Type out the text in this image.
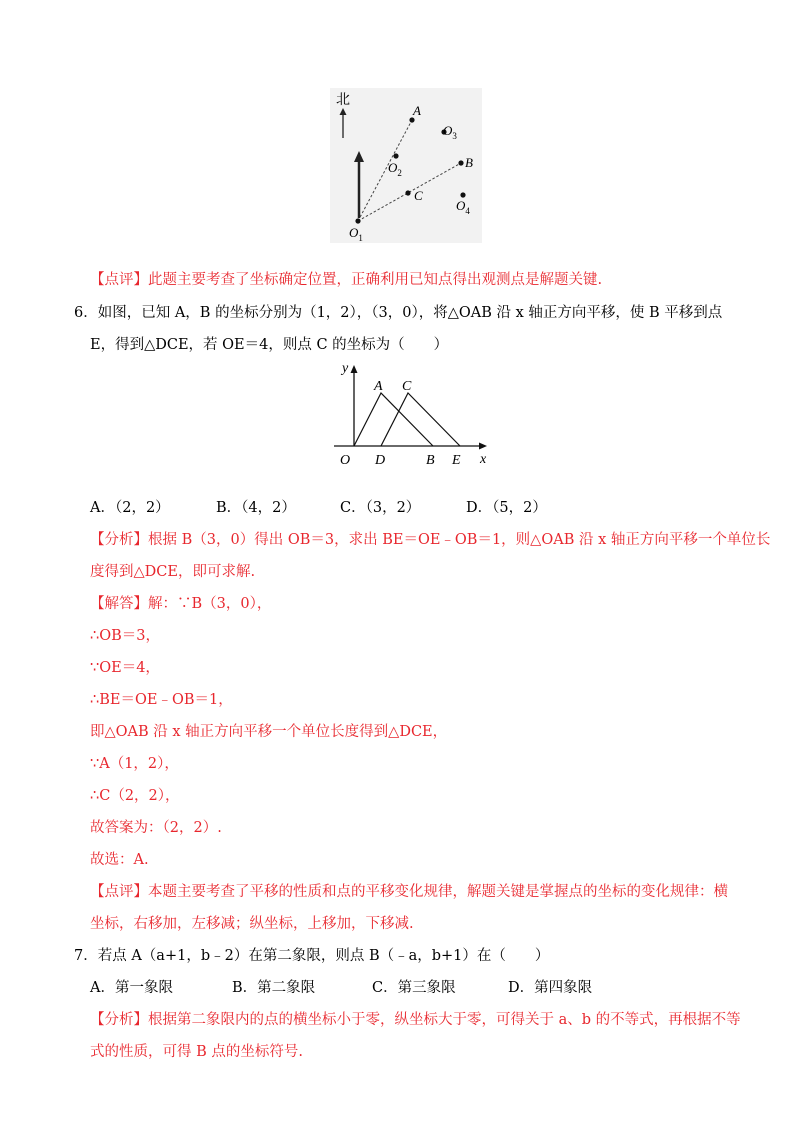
北
A
$O_3$
$O_2$
B
C
$O_4$
$O_1$
【点评】此题主要考查了坐标确定位置，正确利用已知点得出观测点是解题关键.
6．如图，已知 A，B 的坐标分别为（1，2），（3，0），将△OAB 沿 x 轴正方向平移，使 B 平移到点
E，得到△DCE，若 OE＝4，则点 C 的坐标为（　　）
y
x
A C
O D	B E
A．（2，2）	B．（4，2）	C．（3，2）	D．（5，2）
【分析】根据 B（3，0）得出 OB＝3，求出 BE＝OE﹣OB＝1，则△OAB 沿 x 轴正方向平移一个单位长
度得到△DCE，即可求解.
【解答】解：∵B（3，0），
∴OB＝3，
∵OE＝4，
∴BE＝OE﹣OB＝1，
即△OAB 沿 x 轴正方向平移一个单位长度得到△DCE，
∵A（1，2），
∴C（2，2），
故答案为：（2，2）.
故选：A.
【点评】本题主要考查了平移的性质和点的平移变化规律，解题关键是掌握点的坐标的变化规律：横
坐标，右移加，左移减；纵坐标，上移加，下移减.
7．若点 A（a+1，b﹣2）在第二象限，则点 B（﹣a，b+1）在（　　）
A．第一象限	B．第二象限	C．第三象限	D．第四象限
【分析】根据第二象限内的点的横坐标小于零，纵坐标大于零，可得关于 a、b 的不等式，再根据不等
式的性质，可得 B 点的坐标符号.
